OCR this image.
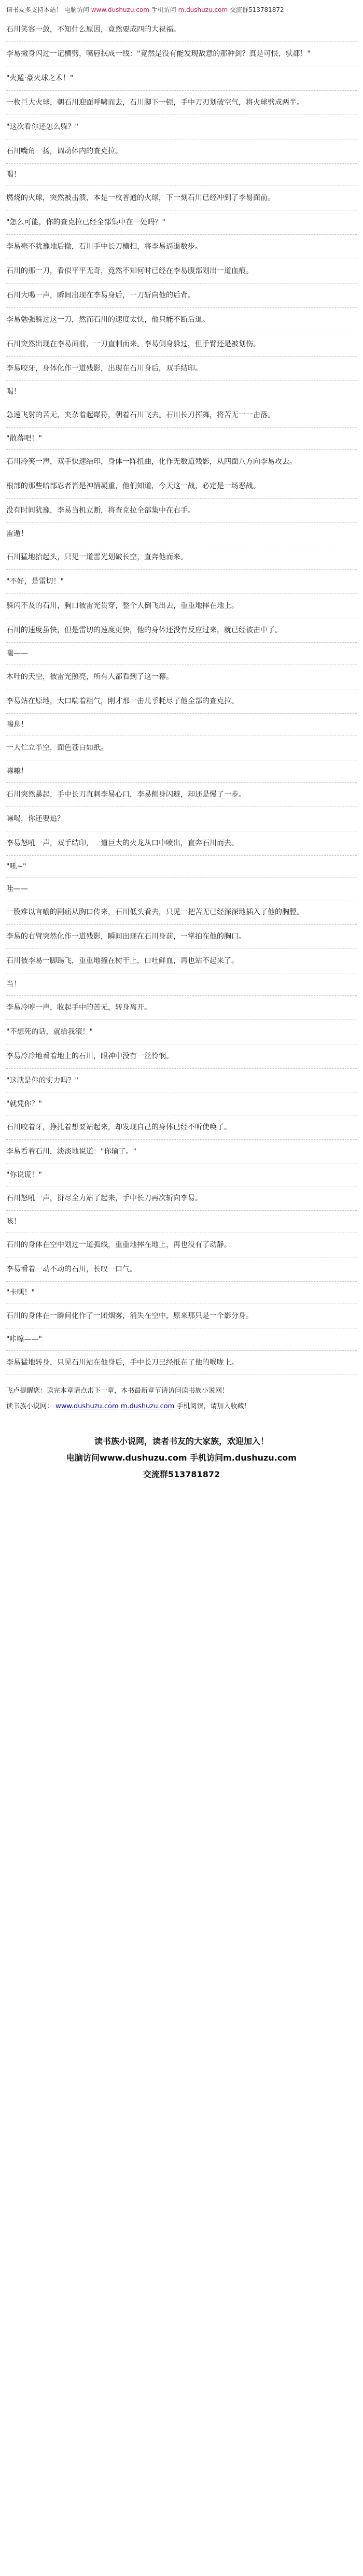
请书友多支持本站！ 电脑访问 www.dushuzu.com 手机访问 m.dushuzu.com 交流群513781872
石川笑容一敛，不知什么原因，竟然要成四的大祝福。
李易撇身闪过一记横劈，嘴唇抿成一线："竟然是没有能发现敌意的那种剑？真是可恨，驮都！"
"火遁·豪火球之术！"
一枚巨大火球，朝石川迎面呼啸而去，石川脚下一顿，手中刀刃划破空气，将火球劈成两半。
"这次看你还怎么躲？"
石川嘴角一扬，调动体内的查克拉。
喝！
燃烧的火球，突然被击溃，本是一枚普通的火球，下一刻石川已经冲到了李易面前。
"怎么可能，你的查克拉已经全部集中在一处吗？"
李易毫不犹豫地后撤，石川手中长刀横扫，将李易逼退数步。
石川的那一刀，看似平平无奇，竟然不知何时已经在李易腹部划出一道血痕。
石川大喝一声，瞬间出现在李易身后，一刀斩向他的后背。
李易勉强躲过这一刀，然而石川的速度太快，他只能不断后退。
石川突然出现在李易面前，一刀直刺而来。李易侧身躲过，但手臂还是被划伤。
李易咬牙，身体化作一道残影，出现在石川身后，双手结印。
喝！
急速飞射的苦无，夹杂着起爆符，朝着石川飞去。石川长刀挥舞，将苦无一一击落。
"散落吧！"
石川冷笑一声，双手快速结印，身体一阵扭曲，化作无数道残影，从四面八方向李易攻去。
根部的那些暗部忍者皆是神情凝重，他们知道，今天这一战，必定是一场恶战。
没有时间犹豫，李易当机立断，将查克拉全部集中在右手。
雷遁！
石川猛地抬起头，只见一道雷光划破长空，直奔他而来。
"不好，是雷切！"
躲闪不及的石川，胸口被雷光贯穿，整个人倒飞出去，重重地摔在地上。
石川的速度虽快，但是雷切的速度更快，他的身体还没有反应过来，就已经被击中了。
嗤——
木叶的天空，被雷光照亮，所有人都看到了这一幕。
李易站在原地，大口喘着粗气，刚才那一击几乎耗尽了他全部的查克拉。
喘息！
一人伫立半空，面色苍白如纸。
嘛嘛！
石川突然暴起，手中长刀直刺李易心口，李易侧身闪避，却还是慢了一步。
嘛喝，你还要追？
李易怒吼一声，双手结印，一道巨大的火龙从口中喷出，直奔石川而去。
"吼~"
哇——
一股难以言喻的剧痛从胸口传来，石川低头看去，只见一把苦无已经深深地插入了他的胸膛。
李易的右臂突然化作一道残影，瞬间出现在石川身前，一掌拍在他的胸口。
石川被李易一脚踢飞，重重地撞在树干上，口吐鲜血，再也站不起来了。
当！
李易冷哼一声，收起手中的苦无，转身离开。
"不想死的话，就给我滚！"
李易冷冷地看着地上的石川，眼神中没有一丝怜悯。
"这就是你的实力吗？"
"就凭你？"
石川咬着牙，挣扎着想要站起来，却发现自己的身体已经不听使唤了。
李易看着石川，淡淡地说道："你输了。"
"你说谎！"
石川怒吼一声，拼尽全力站了起来，手中长刀再次斩向李易。
咳！
石川的身体在空中划过一道弧线，重重地摔在地上，再也没有了动静。
李易看着一动不动的石川，长叹一口气。
"卡嘿！"
石川的身体在一瞬间化作了一团烟雾，消失在空中，原来那只是一个影分身。
"咔嚓——"
李易猛地转身，只见石川站在他身后，手中长刀已经抵在了他的喉咙上。
飞卢提醒您：读完本章请点击下一章，本书最新章节请访问读书族小说网！
读书族小说网： www.dushuzu.com m.dushuzu.com 手机阅读，请加入收藏！
读书族小说网，读者书友的大家族，欢迎加入！
电脑访问www.dushuzu.com 手机访问m.dushuzu.com
交流群513781872
